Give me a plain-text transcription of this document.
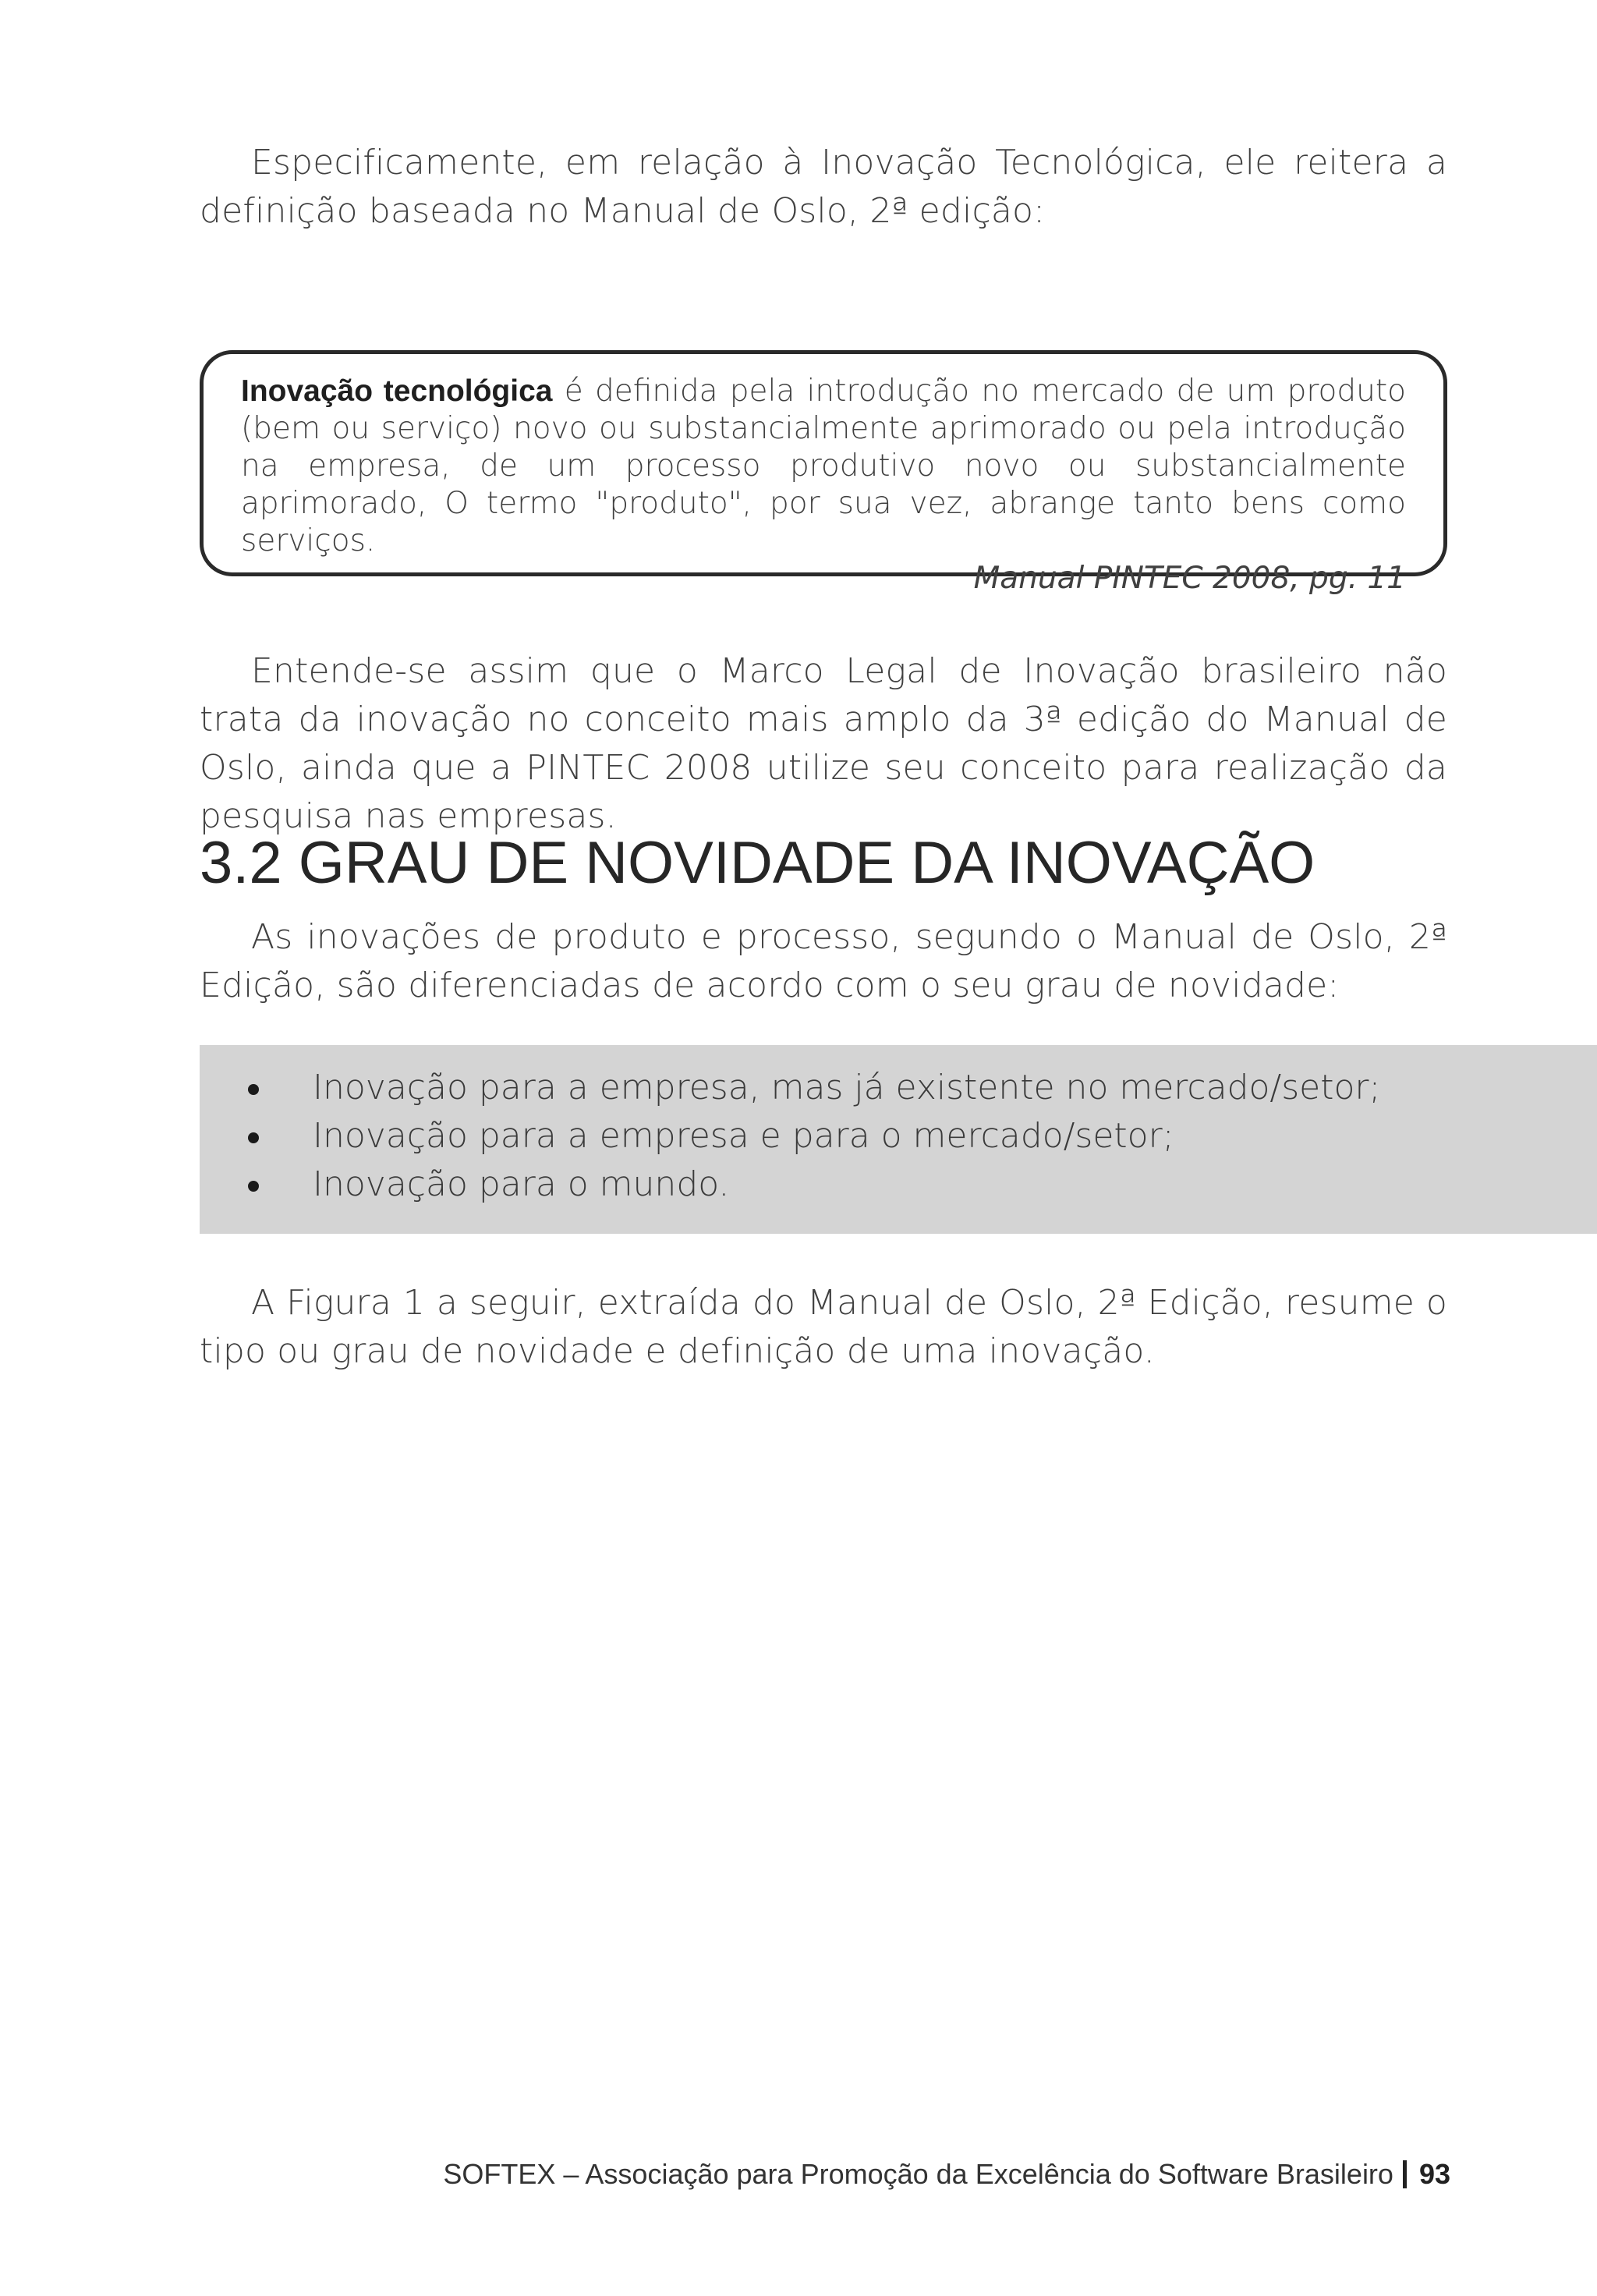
Especificamente, em relação à Inovação Tecnológica, ele reitera a definição baseada no Manual de Oslo, 2ª edição:

Inovação tecnológica é definida pela introdução no mercado de um produto (bem ou serviço) novo ou substancialmente aprimorado ou pela introdução na empresa, de um processo produtivo novo ou substancialmente aprimorado, O termo "produto", por sua vez, abrange tanto bens como serviços.
Manual PINTEC 2008, pg. 11

Entende-se assim que o Marco Legal de Inovação brasileiro não trata da inovação no conceito mais amplo da 3ª edição do Manual de Oslo, ainda que a PINTEC 2008 utilize seu conceito para realização da pesquisa nas empresas.

3.2 GRAU DE NOVIDADE DA INOVAÇÃO

As inovações de produto e processo, segundo o Manual de Oslo, 2ª Edição, são diferenciadas de acordo com o seu grau de novidade:

Inovação para a empresa, mas já existente no mercado/setor;
Inovação para a empresa e para o mercado/setor;
Inovação para o mundo.

A Figura 1 a seguir, extraída do Manual de Oslo, 2ª Edição, resume o tipo ou grau de novidade e definição de uma inovação.

SOFTEX – Associação para Promoção da Excelência do Software Brasileiro 93
